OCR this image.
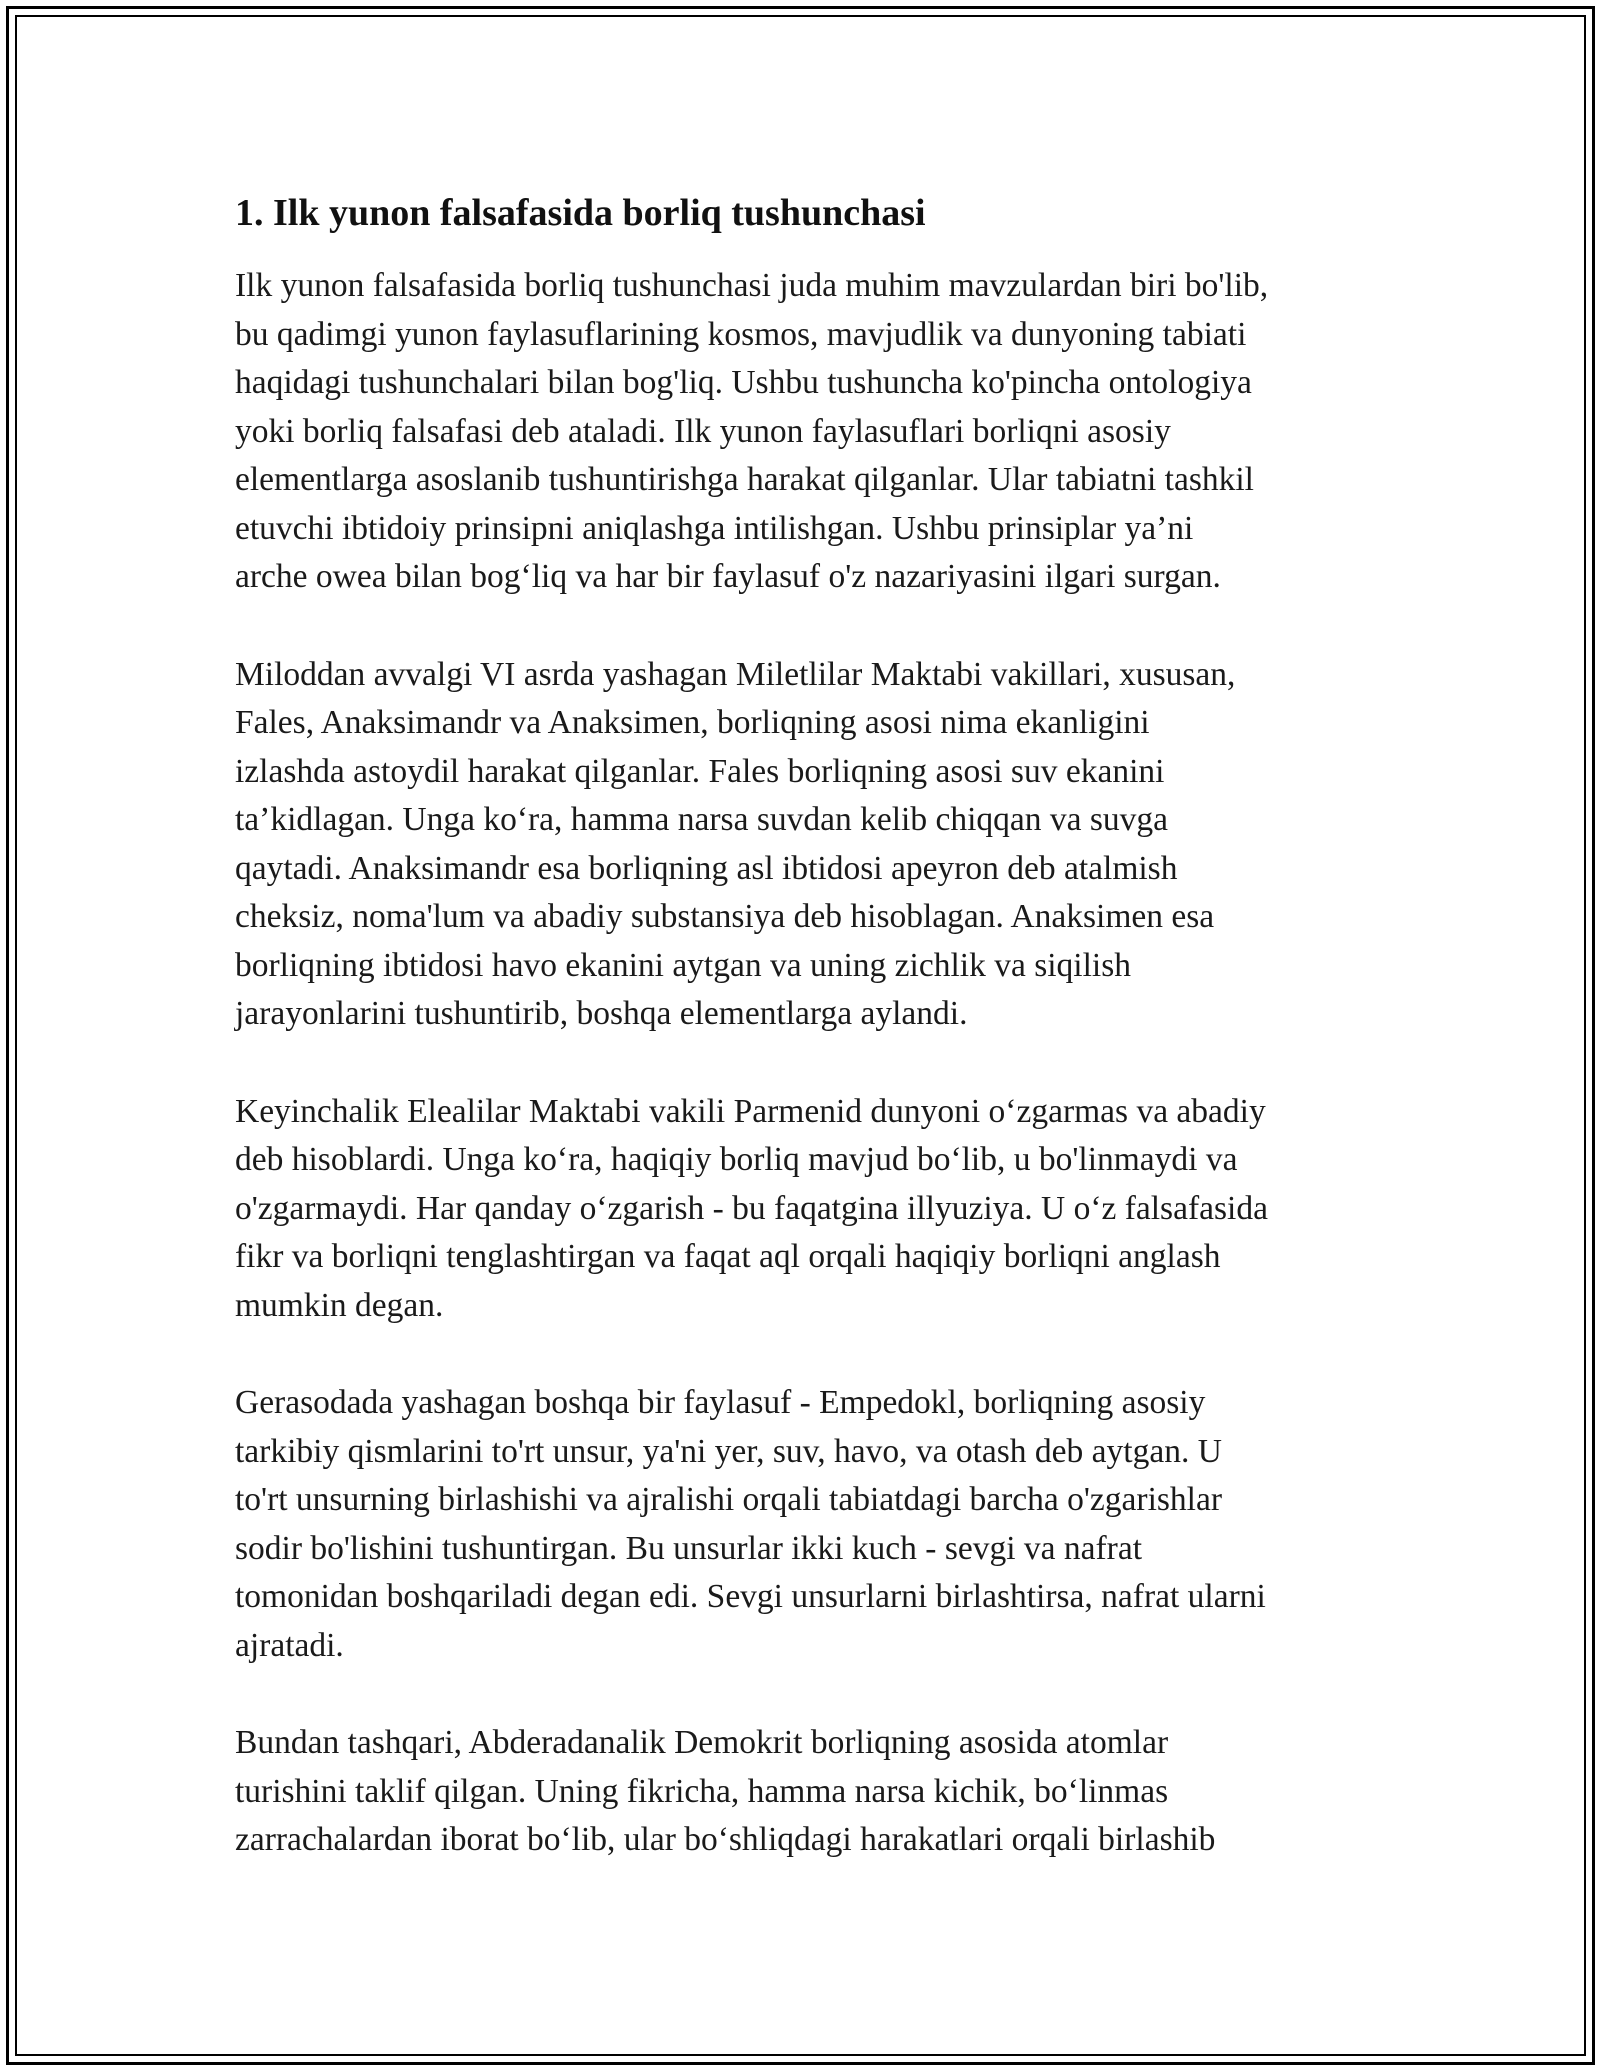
1. Ilk yunon falsafasida borliq tushunchasi

Ilk yunon falsafasida borliq tushunchasi juda muhim mavzulardan biri bo'lib,
bu qadimgi yunon faylasuflarining kosmos, mavjudlik va dunyoning tabiati
haqidagi tushunchalari bilan bog'liq. Ushbu tushuncha ko'pincha ontologiya
yoki borliq falsafasi deb ataladi. Ilk yunon faylasuflari borliqni asosiy
elementlarga asoslanib tushuntirishga harakat qilganlar. Ular tabiatni tashkil
etuvchi ibtidoiy prinsipni aniqlashga intilishgan. Ushbu prinsiplar ya’ni
arche owea bilan bog‘liq va har bir faylasuf o'z nazariyasini ilgari surgan.

Miloddan avvalgi VI asrda yashagan Miletlilar Maktabi vakillari, xususan,
Fales, Anaksimandr va Anaksimen, borliqning asosi nima ekanligini
izlashda astoydil harakat qilganlar. Fales borliqning asosi suv ekanini
ta’kidlagan. Unga ko‘ra, hamma narsa suvdan kelib chiqqan va suvga
qaytadi. Anaksimandr esa borliqning asl ibtidosi apeyron deb atalmish
cheksiz, noma'lum va abadiy substansiya deb hisoblagan. Anaksimen esa
borliqning ibtidosi havo ekanini aytgan va uning zichlik va siqilish
jarayonlarini tushuntirib, boshqa elementlarga aylandi.

Keyinchalik Elealilar Maktabi vakili Parmenid dunyoni o‘zgarmas va abadiy
deb hisoblardi. Unga ko‘ra, haqiqiy borliq mavjud bo‘lib, u bo'linmaydi va
o'zgarmaydi. Har qanday o‘zgarish - bu faqatgina illyuziya. U o‘z falsafasida
fikr va borliqni tenglashtirgan va faqat aql orqali haqiqiy borliqni anglash
mumkin degan.

Gerasodada yashagan boshqa bir faylasuf - Empedokl, borliqning asosiy
tarkibiy qismlarini to'rt unsur, ya'ni yer, suv, havo, va otash deb aytgan. U
to'rt unsurning birlashishi va ajralishi orqali tabiatdagi barcha o'zgarishlar
sodir bo'lishini tushuntirgan. Bu unsurlar ikki kuch - sevgi va nafrat
tomonidan boshqariladi degan edi. Sevgi unsurlarni birlashtirsa, nafrat ularni
ajratadi.

Bundan tashqari, Abderadanalik Demokrit borliqning asosida atomlar
turishini taklif qilgan. Uning fikricha, hamma narsa kichik, bo‘linmas
zarrachalardan iborat bo‘lib, ular bo‘shliqdagi harakatlari orqali birlashib
